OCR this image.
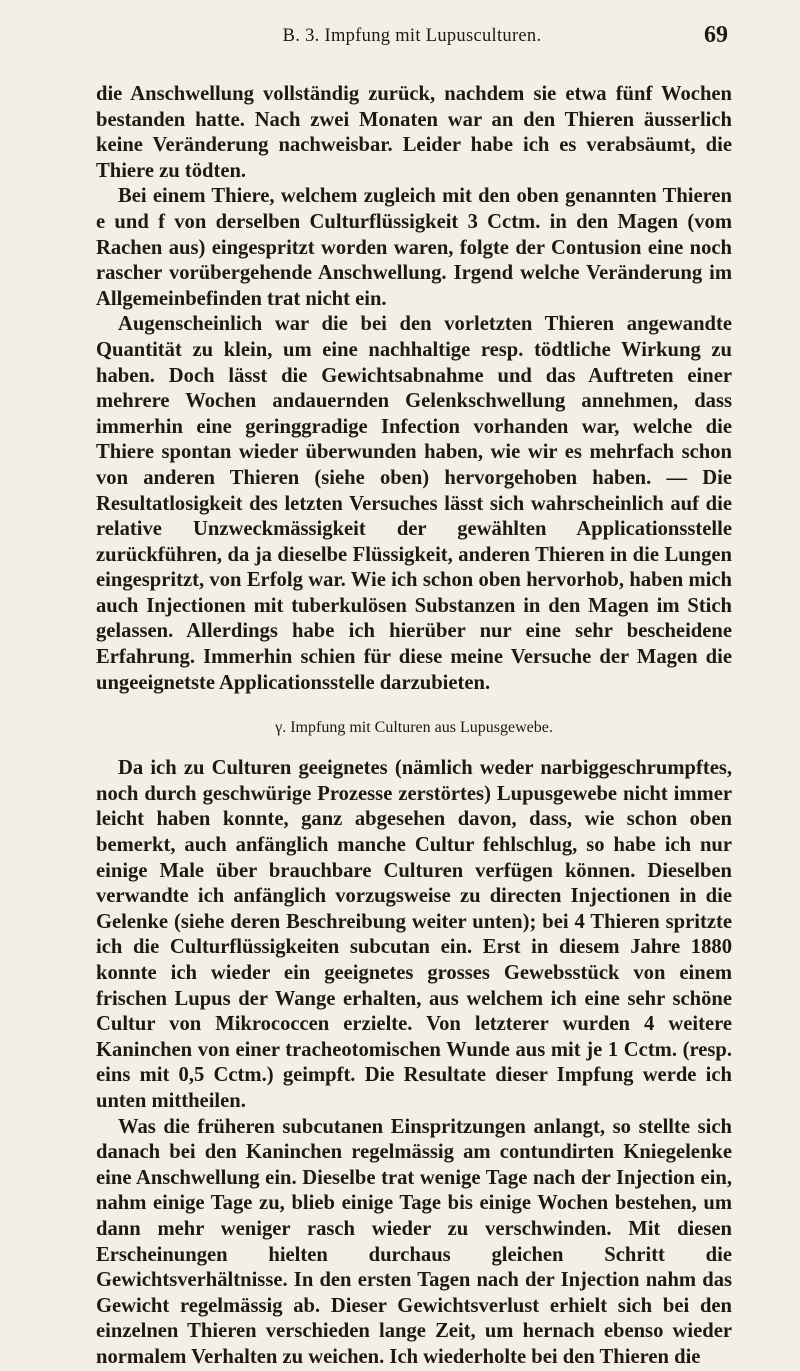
B. 3. Impfung mit Lupusculturen.	69

die Anschwellung vollständig zurück, nachdem sie etwa fünf Wochen bestanden hatte. Nach zwei Monaten war an den Thieren äusserlich keine Veränderung nachweisbar. Leider habe ich es verabsäumt, die Thiere zu tödten.

Bei einem Thiere, welchem zugleich mit den oben genannten Thieren e und f von derselben Culturflüssigkeit 3 Cctm. in den Magen (vom Rachen aus) eingespritzt worden waren, folgte der Contusion eine noch rascher vorübergehende Anschwellung. Irgend welche Veränderung im Allgemeinbefinden trat nicht ein.

Augenscheinlich war die bei den vorletzten Thieren angewandte Quantität zu klein, um eine nachhaltige resp. tödtliche Wirkung zu haben. Doch lässt die Gewichtsabnahme und das Auftreten einer mehrere Wochen andauernden Gelenkschwellung annehmen, dass immerhin eine geringgradige Infection vorhanden war, welche die Thiere spontan wieder überwunden haben, wie wir es mehrfach schon von anderen Thieren (siehe oben) hervorgehoben haben. — Die Resultatlosigkeit des letzten Versuches lässt sich wahrscheinlich auf die relative Unzweckmässigkeit der gewählten Applicationsstelle zurückführen, da ja dieselbe Flüssigkeit, anderen Thieren in die Lungen eingespritzt, von Erfolg war. Wie ich schon oben hervorhob, haben mich auch Injectionen mit tuberkulösen Substanzen in den Magen im Stich gelassen. Allerdings habe ich hierüber nur eine sehr bescheidene Erfahrung. Immerhin schien für diese meine Versuche der Magen die ungeeignetste Applicationsstelle darzubieten.

γ. Impfung mit Culturen aus Lupusgewebe.

Da ich zu Culturen geeignetes (nämlich weder narbiggeschrumpftes, noch durch geschwürige Prozesse zerstörtes) Lupusgewebe nicht immer leicht haben konnte, ganz abgesehen davon, dass, wie schon oben bemerkt, auch anfänglich manche Cultur fehlschlug, so habe ich nur einige Male über brauchbare Culturen verfügen können. Dieselben verwandte ich anfänglich vorzugsweise zu directen Injectionen in die Gelenke (siehe deren Beschreibung weiter unten); bei 4 Thieren spritzte ich die Culturflüssigkeiten subcutan ein. Erst in diesem Jahre 1880 konnte ich wieder ein geeignetes grosses Gewebsstück von einem frischen Lupus der Wange erhalten, aus welchem ich eine sehr schöne Cultur von Mikrococcen erzielte. Von letzterer wurden 4 weitere Kaninchen von einer tracheotomischen Wunde aus mit je 1 Cctm. (resp. eins mit 0,5 Cctm.) geimpft. Die Resultate dieser Impfung werde ich unten mittheilen.

Was die früheren subcutanen Einspritzungen anlangt, so stellte sich danach bei den Kaninchen regelmässig am contundirten Kniegelenke eine Anschwellung ein. Dieselbe trat wenige Tage nach der Injection ein, nahm einige Tage zu, blieb einige Tage bis einige Wochen bestehen, um dann mehr weniger rasch wieder zu verschwinden. Mit diesen Erscheinungen hielten durchaus gleichen Schritt die Gewichtsverhältnisse. In den ersten Tagen nach der Injection nahm das Gewicht regelmässig ab. Dieser Gewichtsverlust erhielt sich bei den einzelnen Thieren verschieden lange Zeit, um hernach ebenso wieder normalem Verhalten zu weichen. Ich wiederholte bei den Thieren die
